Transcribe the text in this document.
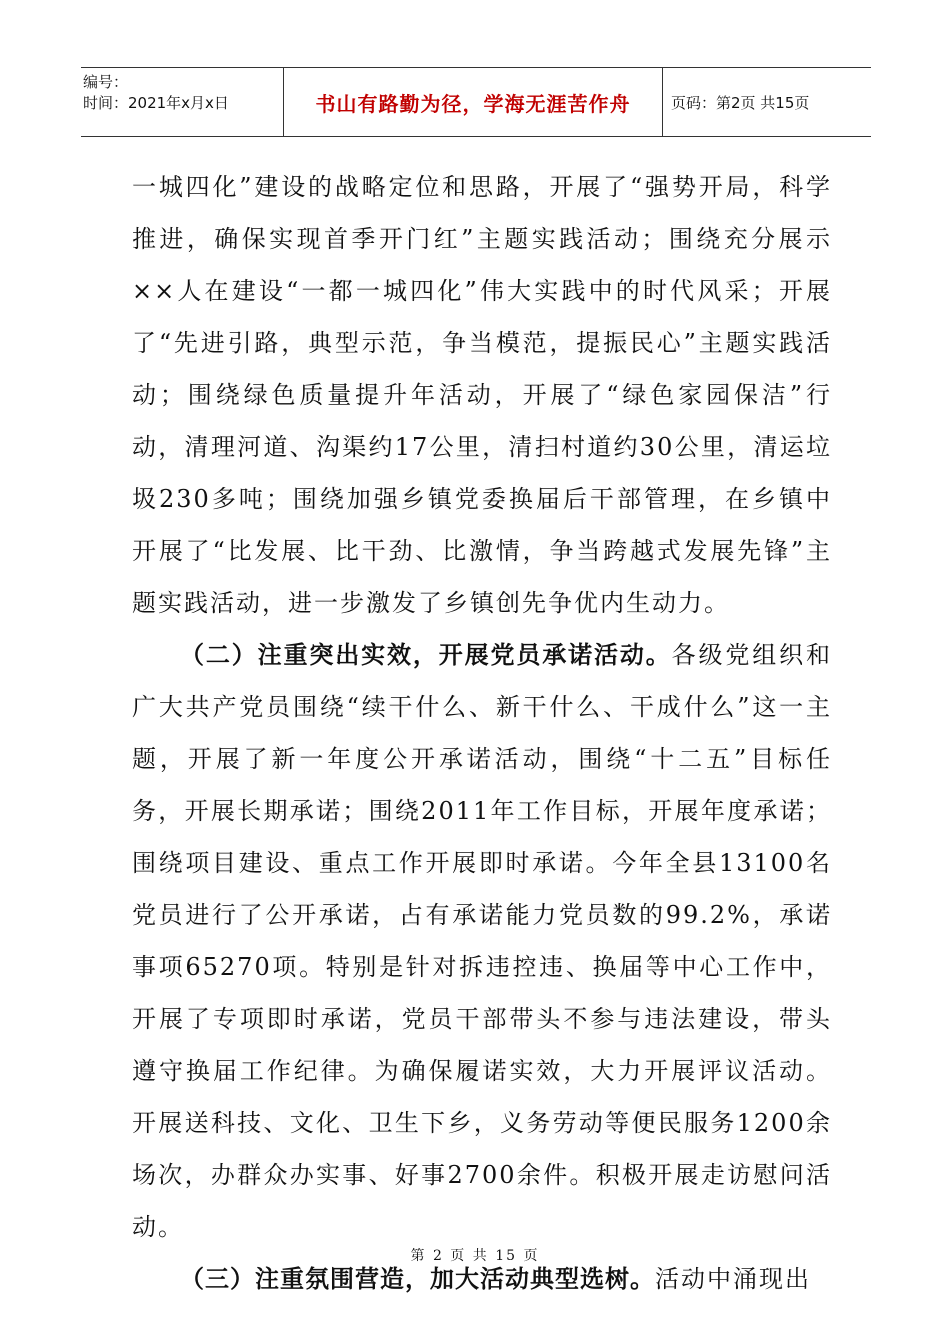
编号：
时间：2021年x月x日	书山有路勤为径，学海无涯苦作舟	页码：第2页 共15页

一城四化”建设的战略定位和思路，开展了“强势开局，科学推进，确保实现首季开门红”主题实践活动；围绕充分展示××人在建设“一都一城四化”伟大实践中的时代风采；开展了“先进引路，典型示范，争当模范，提振民心”主题实践活动；围绕绿色质量提升年活动，开展了“绿色家园保洁”行动，清理河道、沟渠约17公里，清扫村道约30公里，清运垃圾230多吨；围绕加强乡镇党委换届后干部管理，在乡镇中开展了“比发展、比干劲、比激情，争当跨越式发展先锋”主题实践活动，进一步激发了乡镇创先争优内生动力。

（二）注重突出实效，开展党员承诺活动。各级党组织和广大共产党员围绕“续干什么、新干什么、干成什么”这一主题，开展了新一年度公开承诺活动，围绕“十二五”目标任务，开展长期承诺；围绕2011年工作目标，开展年度承诺；围绕项目建设、重点工作开展即时承诺。今年全县13100名党员进行了公开承诺，占有承诺能力党员数的99.2%，承诺事项65270项。特别是针对拆违控违、换届等中心工作中，开展了专项即时承诺，党员干部带头不参与违法建设，带头遵守换届工作纪律。为确保履诺实效，大力开展评议活动。开展送科技、文化、卫生下乡，义务劳动等便民服务1200余场次，办群众办实事、好事2700余件。积极开展走访慰问活动。

（三）注重氛围营造，加大活动典型选树。活动中涌现出

第 2 页 共 15 页
